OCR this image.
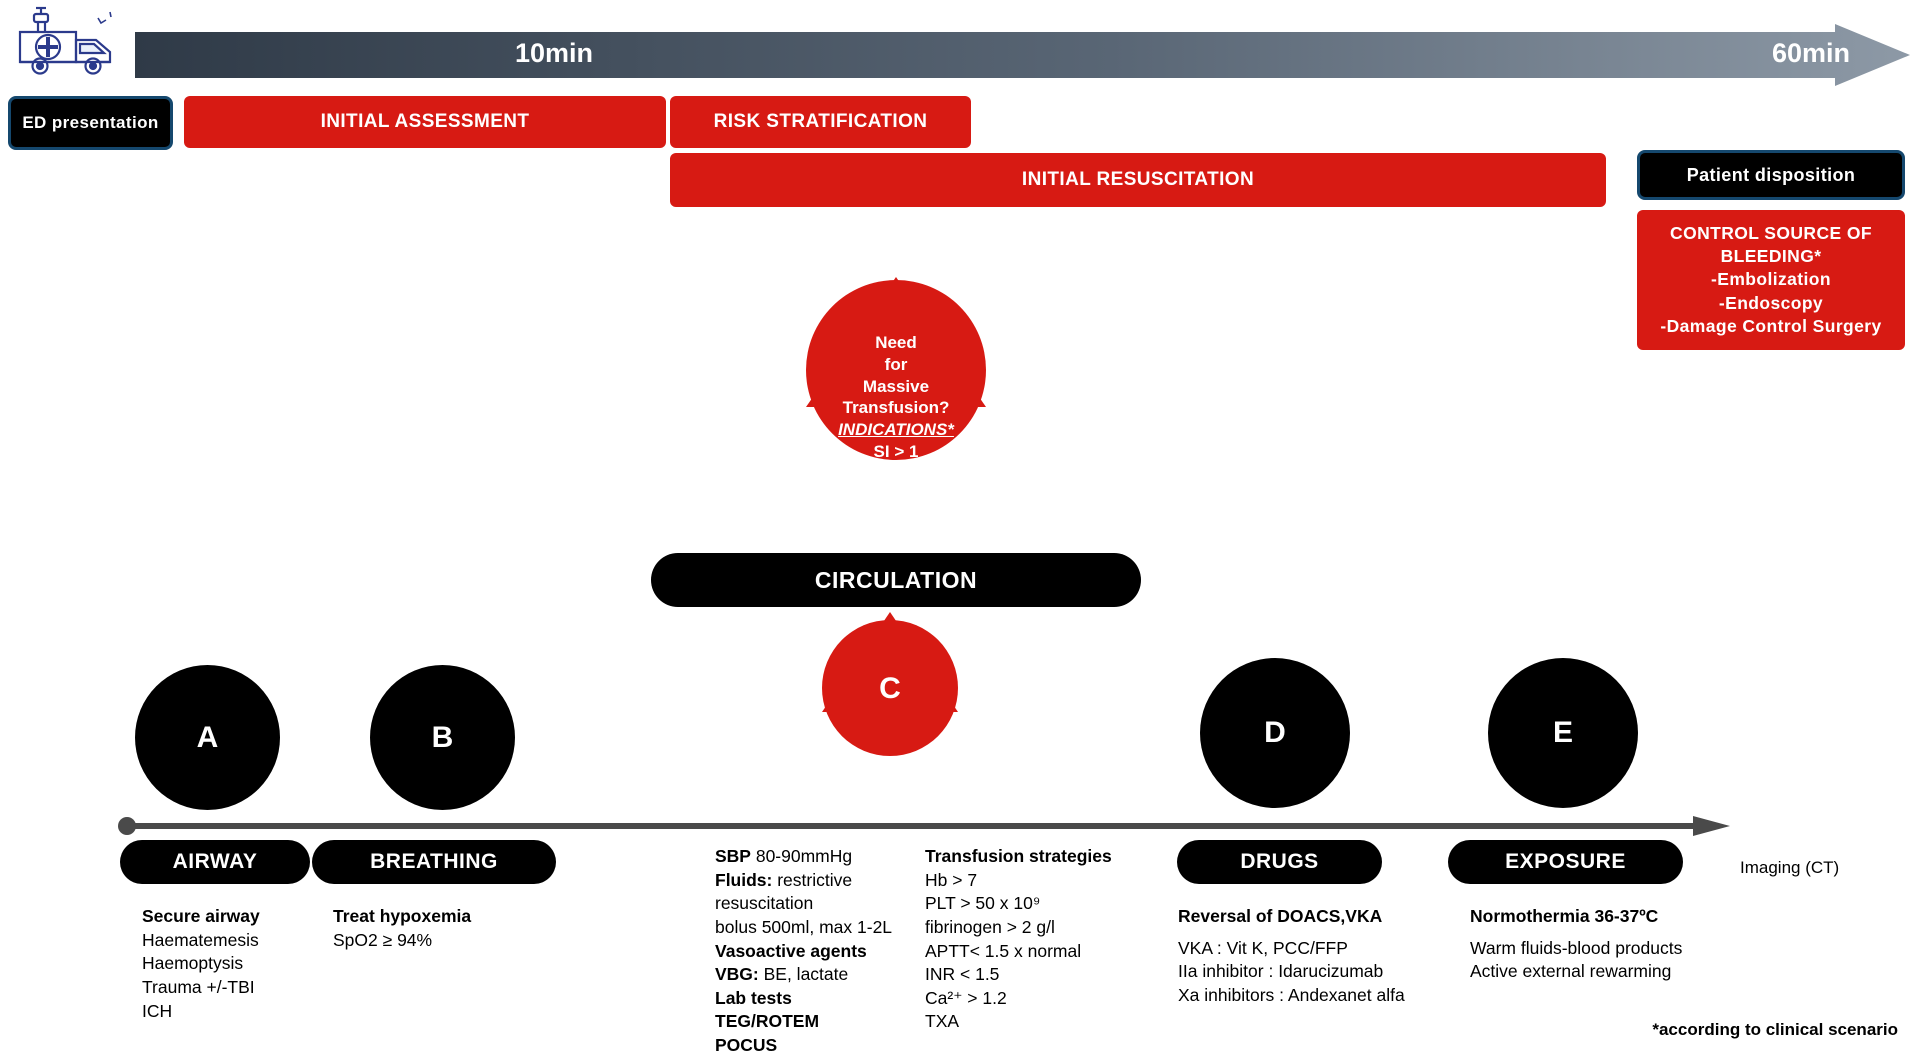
10min	60min
ED presentation	INITIAL ASSESSMENT	RISK STRATIFICATION
INITIAL RESUSCITATION	Patient disposition
CONTROL SOURCE OF BLEEDING*
-Embolization
-Endoscopy
-Damage Control Surgery
Need
for
Massive
Transfusion?
INDICATIONS*
SI > 1
ABC ≥ 2
CIRCULATION
C
A	B	D	E
AIRWAY	BREATHING	DRUGS	EXPOSURE
Secure airway
Haematemesis
Haemoptysis
Trauma +/-TBI
ICH
Treat hypoxemia
SpO2 ≥ 94%
SBP 80-90mmHg
Fluids: restrictive
resuscitation
bolus 500ml, max 1-2L
Vasoactive agents
VBG: BE, lactate
Lab tests
TEG/ROTEM
POCUS
Transfusion strategies
Hb > 7
PLT > 50 x 10⁹
fibrinogen > 2 g/l
APTT< 1.5 x normal
INR < 1.5
Ca²⁺ > 1.2
TXA
Reversal of DOACS,VKA
VKA : Vit K, PCC/FFP
IIa inhibitor : Idarucizumab
Xa inhibitors : Andexanet alfa
Normothermia 36-37ºC
Warm fluids-blood products
Active external rewarming
Imaging (CT)
*according to clinical scenario
